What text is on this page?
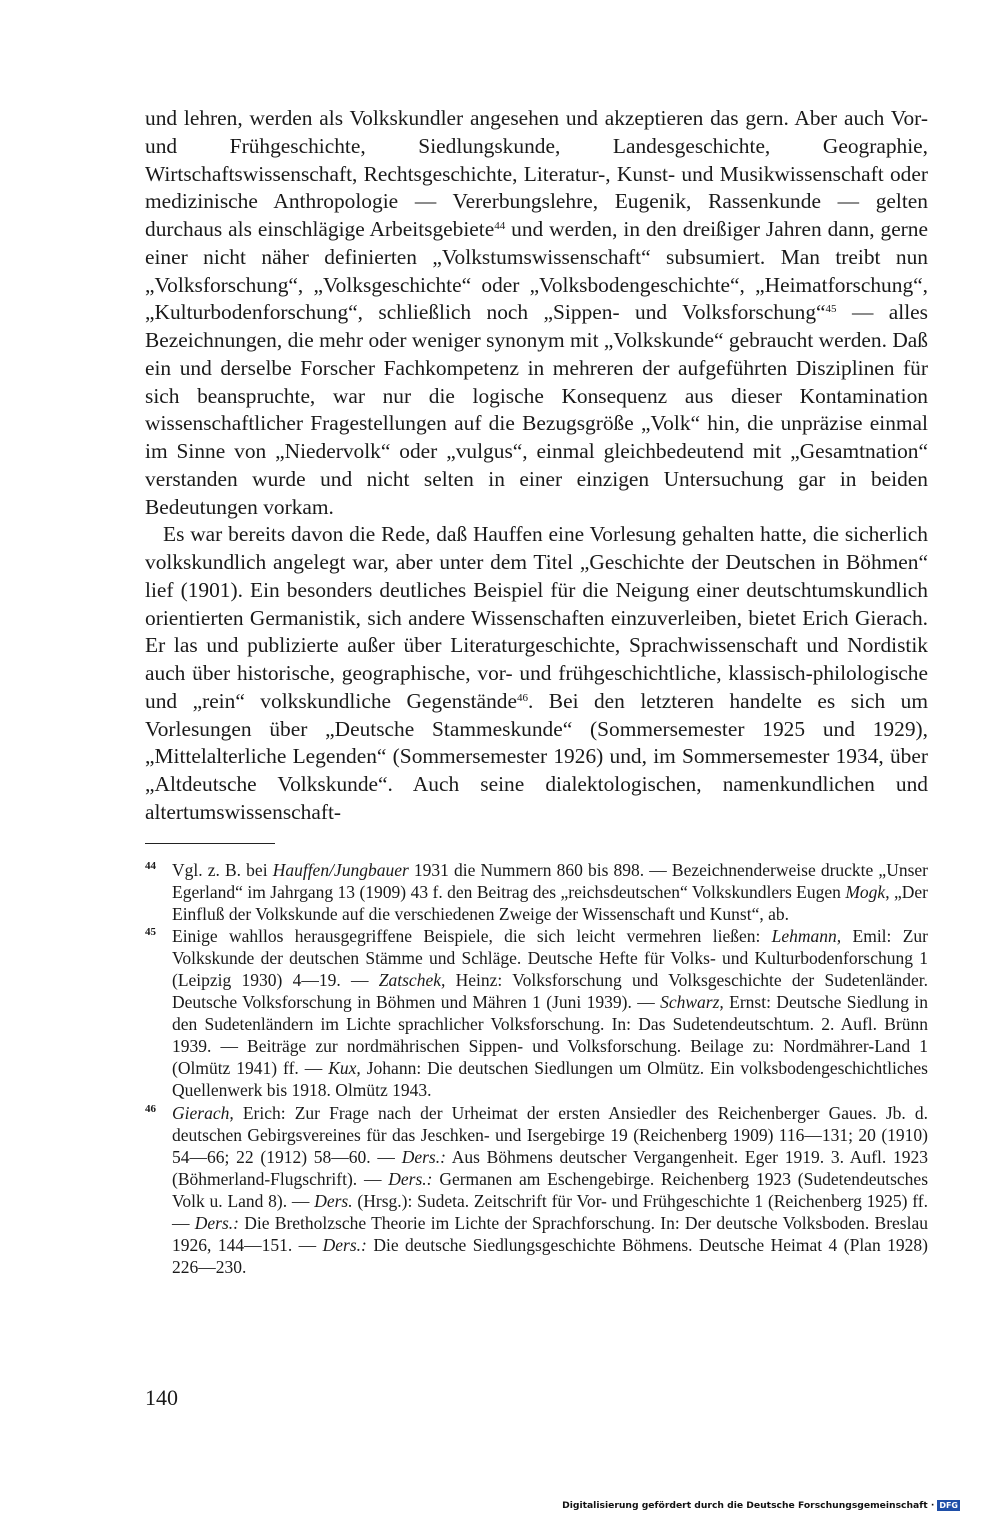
und lehren, werden als Volkskundler angesehen und akzeptieren das gern. Aber auch Vor- und Frühgeschichte, Siedlungskunde, Landesgeschichte, Geographie, Wirtschaftswissenschaft, Rechtsgeschichte, Literatur-, Kunst- und Musikwissenschaft oder medizinische Anthropologie — Vererbungslehre, Eugenik, Rassenkunde — gelten durchaus als einschlägige Arbeitsgebiete$^{44}$ und werden, in den dreißiger Jahren dann, gerne einer nicht näher definierten „Volkstumswissenschaft“ subsumiert. Man treibt nun „Volksforschung“, „Volksgeschichte“ oder „Volksbodengeschichte“, „Heimatforschung“, „Kulturbodenforschung“, schließlich noch „Sippen- und Volksforschung“$^{45}$ — alles Bezeichnungen, die mehr oder weniger synonym mit „Volkskunde“ gebraucht werden. Daß ein und derselbe Forscher Fachkompetenz in mehreren der aufgeführten Disziplinen für sich beanspruchte, war nur die logische Konsequenz aus dieser Kontamination wissenschaftlicher Fragestellungen auf die Bezugsgröße „Volk“ hin, die unpräzise einmal im Sinne von „Niedervolk“ oder „vulgus“, einmal gleichbedeutend mit „Gesamtnation“ verstanden wurde und nicht selten in einer einzigen Untersuchung gar in beiden Bedeutungen vorkam.

Es war bereits davon die Rede, daß Hauffen eine Vorlesung gehalten hatte, die sicherlich volkskundlich angelegt war, aber unter dem Titel „Geschichte der Deutschen in Böhmen“ lief (1901). Ein besonders deutliches Beispiel für die Neigung einer deutschtumskundlich orientierten Germanistik, sich andere Wissenschaften einzuverleiben, bietet Erich Gierach. Er las und publizierte außer über Literaturgeschichte, Sprachwissenschaft und Nordistik auch über historische, geographische, vor- und frühgeschichtliche, klassisch-philologische und „rein“ volkskundliche Gegenstände$^{46}$. Bei den letzteren handelte es sich um Vorlesungen über „Deutsche Stammeskunde“ (Sommersemester 1925 und 1929), „Mittelalterliche Legenden“ (Sommersemester 1926) und, im Sommersemester 1934, über „Altdeutsche Volkskunde“. Auch seine dialektologischen, namenkundlichen und altertumswissenschaft-

44 Vgl. z. B. bei Hauffen/Jungbauer 1931 die Nummern 860 bis 898. — Bezeichnenderweise druckte „Unser Egerland“ im Jahrgang 13 (1909) 43 f. den Beitrag des „reichsdeutschen“ Volkskundlers Eugen Mogk, „Der Einfluß der Volkskunde auf die verschiedenen Zweige der Wissenschaft und Kunst“, ab.
45 Einige wahllos herausgegriffene Beispiele, die sich leicht vermehren ließen: Lehmann, Emil: Zur Volkskunde der deutschen Stämme und Schläge. Deutsche Hefte für Volks- und Kulturbodenforschung 1 (Leipzig 1930) 4—19. — Zatschek, Heinz: Volksforschung und Volksgeschichte der Sudetenländer. Deutsche Volksforschung in Böhmen und Mähren 1 (Juni 1939). — Schwarz, Ernst: Deutsche Siedlung in den Sudetenländern im Lichte sprachlicher Volksforschung. In: Das Sudetendeutschtum. 2. Aufl. Brünn 1939. — Beiträge zur nordmährischen Sippen- und Volksforschung. Beilage zu: Nordmährer-Land 1 (Olmütz 1941) ff. — Kux, Johann: Die deutschen Siedlungen um Olmütz. Ein volksbodengeschichtliches Quellenwerk bis 1918. Olmütz 1943.
46 Gierach, Erich: Zur Frage nach der Urheimat der ersten Ansiedler des Reichenberger Gaues. Jb. d. deutschen Gebirgsvereines für das Jeschken- und Isergebirge 19 (Reichenberg 1909) 116—131; 20 (1910) 54—66; 22 (1912) 58—60. — Ders.: Aus Böhmens deutscher Vergangenheit. Eger 1919. 3. Aufl. 1923 (Böhmerland-Flugschrift). — Ders.: Germanen am Eschengebirge. Reichenberg 1923 (Sudetendeutsches Volk u. Land 8). — Ders. (Hrsg.): Sudeta. Zeitschrift für Vor- und Frühgeschichte 1 (Reichenberg 1925) ff. — Ders.: Die Bretholzsche Theorie im Lichte der Sprachforschung. In: Der deutsche Volksboden. Breslau 1926, 144—151. — Ders.: Die deutsche Siedlungsgeschichte Böhmens. Deutsche Heimat 4 (Plan 1928) 226—230.
140
Digitalisierung gefördert durch die Deutsche Forschungsgemeinschaft · DFG
